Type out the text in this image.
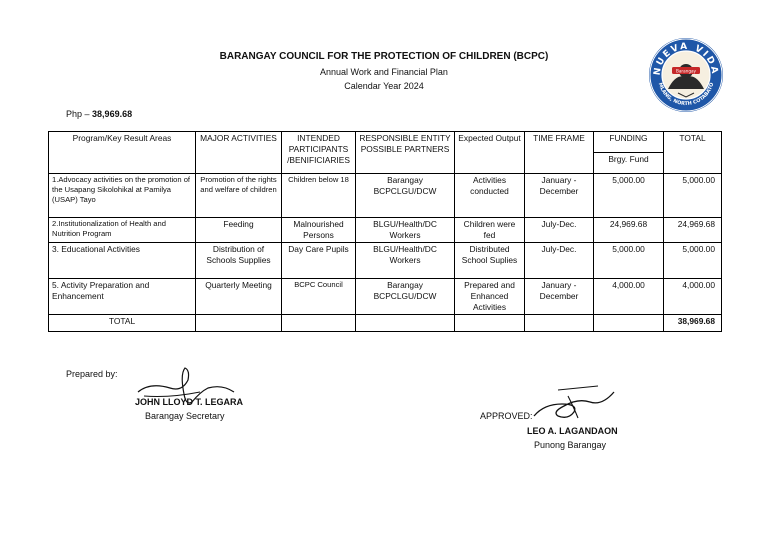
BARANGAY COUNCIL FOR THE PROTECTION OF CHILDREN (BCPC)
Annual Work and Financial Plan
Calendar Year 2024
NUEVA VIDA
MLANG, NORTH COTABATO
Barangay
Php – 38,969.68
Program/Key Result Areas	MAJOR ACTIVITIES	INTENDED PARTICIPANTS /BENIFICIARIES	RESPONSIBLE ENTITY POSSIBLE PARTNERS	Expected Output	TIME FRAME	FUNDING	TOTAL
						Brgy. Fund	
1.Advocacy activities on the promotion of the Usapang Sikolohikal at Pamilya (USAP) Tayo	Promotion of the rights and welfare of children	Children below 18	Barangay BCPCLGU/DCW	Activities conducted	January - December	5,000.00	5,000.00
2.Institutionalization of Health and Nutrition Program	Feeding	Malnourished Persons	BLGU/Health/DC Workers	Children were fed	July-Dec.	24,969.68	24,969.68
3. Educational Activities	Distribution of Schools Supplies	Day Care Pupils	BLGU/Health/DC Workers	Distributed School Suplies	July-Dec.	5,000.00	5,000.00
5. Activity Preparation and Enhancement	Quarterly Meeting	BCPC Council	Barangay BCPCLGU/DCW	Prepared and Enhanced Activities	January - December	4,000.00	4,000.00
TOTAL							38,969.68
Prepared by:
JOHN LLOYD T. LEGARA
Barangay Secretary	APPROVED:
LEO A. LAGANDAON
Punong Barangay
